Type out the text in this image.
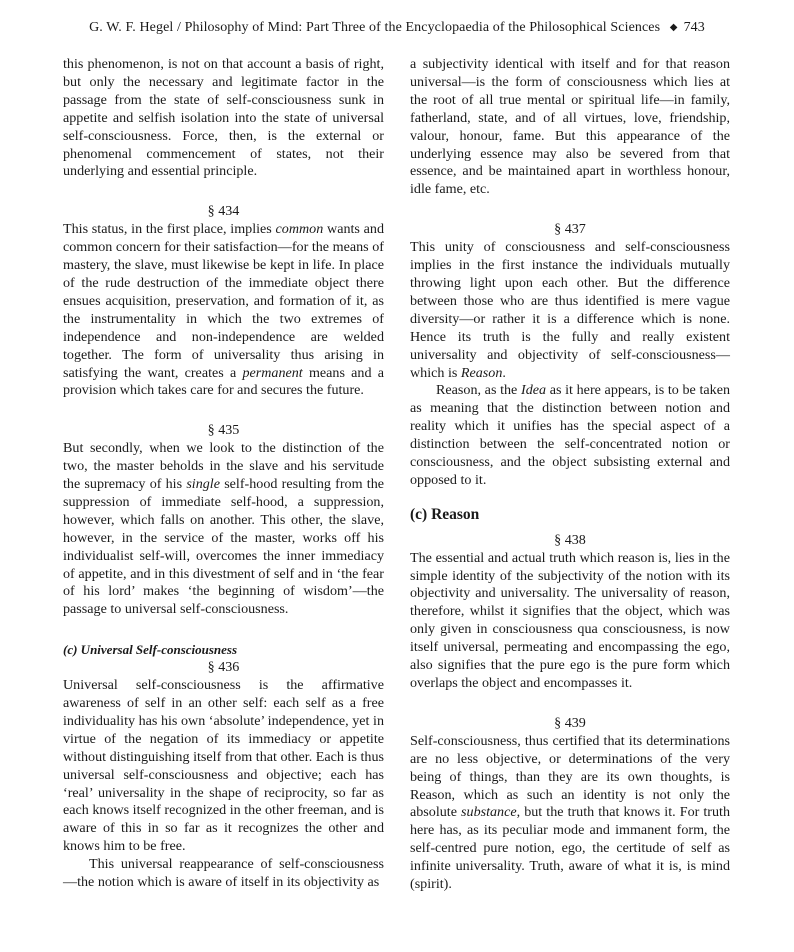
G. W. F. Hegel / Philosophy of Mind: Part Three of the Encyclopaedia of the Philosophical Sciences ◆ 743

this phenomenon, is not on that account a basis of right, but only the necessary and legitimate factor in the passage from the state of self-consciousness sunk in appetite and selfish isolation into the state of universal self-consciousness. Force, then, is the external or phenomenal commencement of states, not their underlying and essential principle.

§ 434

This status, in the first place, implies common wants and common concern for their satisfaction—for the means of mastery, the slave, must likewise be kept in life. In place of the rude destruction of the immediate object there ensues acquisition, preservation, and formation of it, as the instrumentality in which the two extremes of independence and non-independence are welded together. The form of universality thus arising in satisfying the want, creates a permanent means and a provision which takes care for and secures the future.

§ 435

But secondly, when we look to the distinction of the two, the master beholds in the slave and his servitude the supremacy of his single self-hood resulting from the suppression of immediate self-hood, a suppression, however, which falls on another. This other, the slave, however, in the service of the master, works off his individualist self-will, overcomes the inner immediacy of appetite, and in this divestment of self and in ‘the fear of his lord’ makes ‘the beginning of wisdom’—the passage to universal self-consciousness.

(c) Universal Self-consciousness

§ 436

Universal self-consciousness is the affirmative awareness of self in an other self: each self as a free individuality has his own ‘absolute’ independence, yet in virtue of the negation of its immediacy or appetite without distinguishing itself from that other. Each is thus universal self-consciousness and objective; each has ‘real’ universality in the shape of reciprocity, so far as each knows itself recognized in the other freeman, and is aware of this in so far as it recognizes the other and knows him to be free.

This universal reappearance of self-consciousness—the notion which is aware of itself in its objectivity as

a subjectivity identical with itself and for that reason universal—is the form of consciousness which lies at the root of all true mental or spiritual life—in family, fatherland, state, and of all virtues, love, friendship, valour, honour, fame. But this appearance of the underlying essence may also be severed from that essence, and be maintained apart in worthless honour, idle fame, etc.

§ 437

This unity of consciousness and self-consciousness implies in the first instance the individuals mutually throwing light upon each other. But the difference between those who are thus identified is mere vague diversity—or rather it is a difference which is none. Hence its truth is the fully and really existent universality and objectivity of self-consciousness—which is Reason.

Reason, as the Idea as it here appears, is to be taken as meaning that the distinction between notion and reality which it unifies has the special aspect of a distinction between the self-concentrated notion or consciousness, and the object subsisting external and opposed to it.

(c) Reason

§ 438

The essential and actual truth which reason is, lies in the simple identity of the subjectivity of the notion with its objectivity and universality. The universality of reason, therefore, whilst it signifies that the object, which was only given in consciousness qua consciousness, is now itself universal, permeating and encompassing the ego, also signifies that the pure ego is the pure form which overlaps the object and encompasses it.

§ 439

Self-consciousness, thus certified that its determinations are no less objective, or determinations of the very being of things, than they are its own thoughts, is Reason, which as such an identity is not only the absolute substance, but the truth that knows it. For truth here has, as its peculiar mode and immanent form, the self-centred pure notion, ego, the certitude of self as infinite universality. Truth, aware of what it is, is mind (spirit).
